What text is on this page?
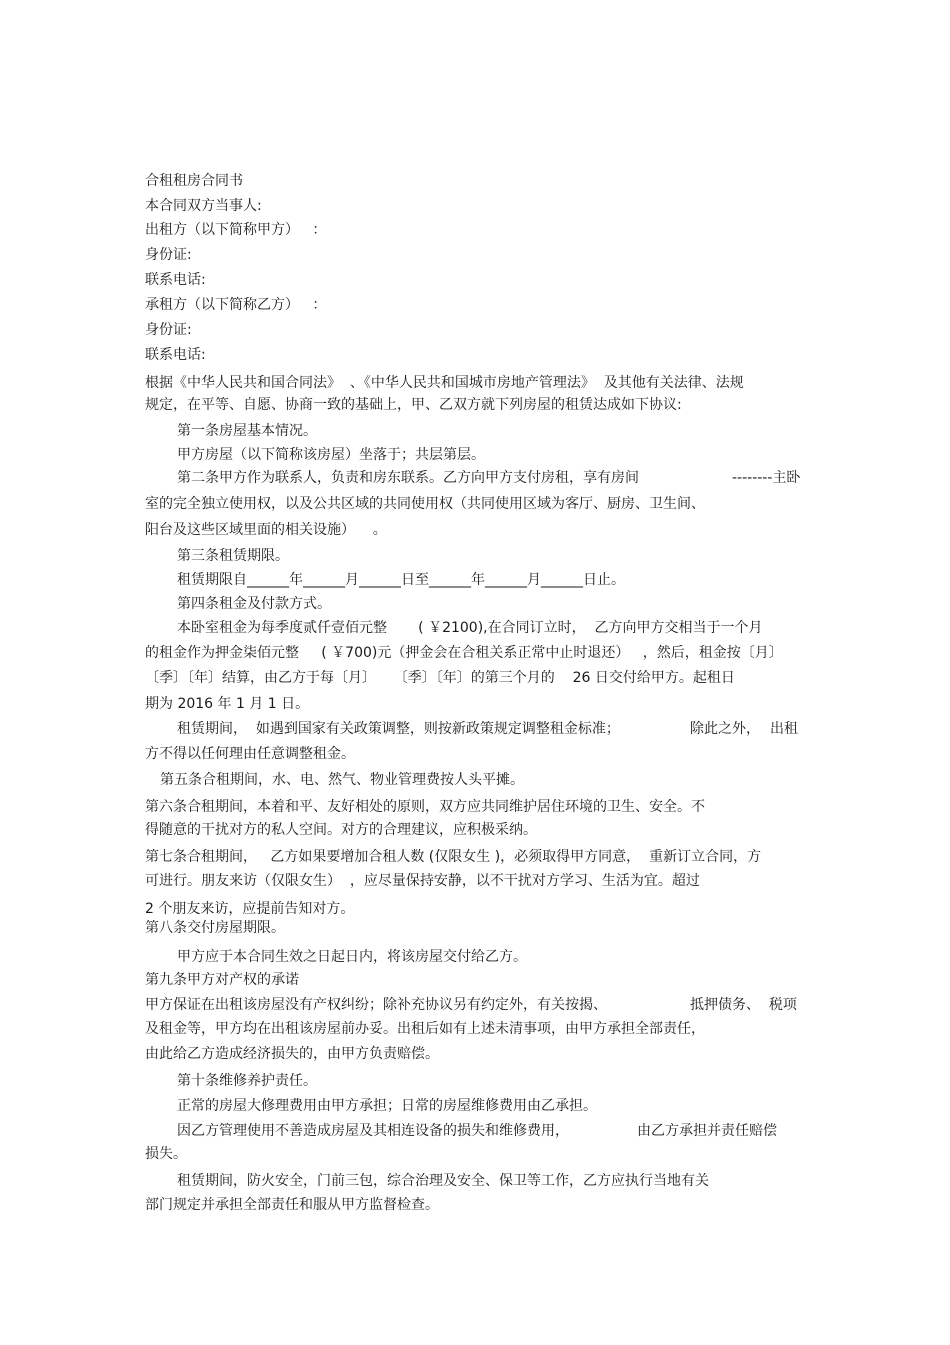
合租租房合同书
本合同双方当事人:
出租方（以下简称甲方）   ：
身份证:
联系电话:
承租方（以下简称乙方）   ：
身份证:
联系电话:
根据《中华人民共和国合同法》  、《中华人民共和国城市房地产管理法》  及其他有关法律、法规
规定，在平等、自愿、协商一致的基础上，甲、乙双方就下列房屋的租赁达成如下协议:
第一条房屋基本情况。
甲方房屋（以下简称该房屋）坐落于；共层第层。
第二条甲方作为联系人，负责和房东联系。乙方向甲方支付房租，享有房间	--------主卧
室的完全独立使用权，以及公共区域的共同使用权（共同使用区域为客厅、厨房、卫生间、
阳台及这些区域里面的相关设施）    。
第三条租赁期限。
租赁期限自______年______月______日至______年______月______日止。
第四条租金及付款方式。
本卧室租金为每季度贰仟壹佰元整       ( ￥2100),在合同订立时，  乙方向甲方交相当于一个月
的租金作为押金柒佰元整     ( ￥700)元（押金会在合租关系正常中止时退还）   ，然后，租金按〔月〕
〔季〕〔年〕结算，由乙方于每〔月〕    〔季〕〔年〕的第三个月的    26 日交付给甲方。起租日
期为 2016 年 1 月 1 日。
租赁期间，  如遇到国家有关政策调整，则按新政策规定调整租金标准；	除此之外， 出租
方不得以任何理由任意调整租金。
第五条合租期间，水、电、然气、物业管理费按人头平摊。
第六条合租期间，本着和平、友好相处的原则，双方应共同维护居住环境的卫生、安全。不
得随意的干扰对方的私人空间。对方的合理建议，应积极采纳。
第七条合租期间，   乙方如果要增加合租人数 (仅限女生 )，必须取得甲方同意，  重新订立合同，方
可进行。朋友来访（仅限女生）  ，应尽量保持安静，以不干扰对方学习、生活为宜。超过
2 个朋友来访，应提前告知对方。
第八条交付房屋期限。
甲方应于本合同生效之日起日内，将该房屋交付给乙方。
第九条甲方对产权的承诺
甲方保证在出租该房屋没有产权纠纷；除补充协议另有约定外，有关按揭、	抵押债务、  税项
及租金等，甲方均在出租该房屋前办妥。出租后如有上述未清事项，由甲方承担全部责任，
由此给乙方造成经济损失的，由甲方负责赔偿。
第十条维修养护责任。
正常的房屋大修理费用由甲方承担；日常的房屋维修费用由乙承担。
因乙方管理使用不善造成房屋及其相连设备的损失和维修费用，	由乙方承担并责任赔偿
损失。
租赁期间，防火安全，门前三包，综合治理及安全、保卫等工作，乙方应执行当地有关
部门规定并承担全部责任和服从甲方监督检查。
